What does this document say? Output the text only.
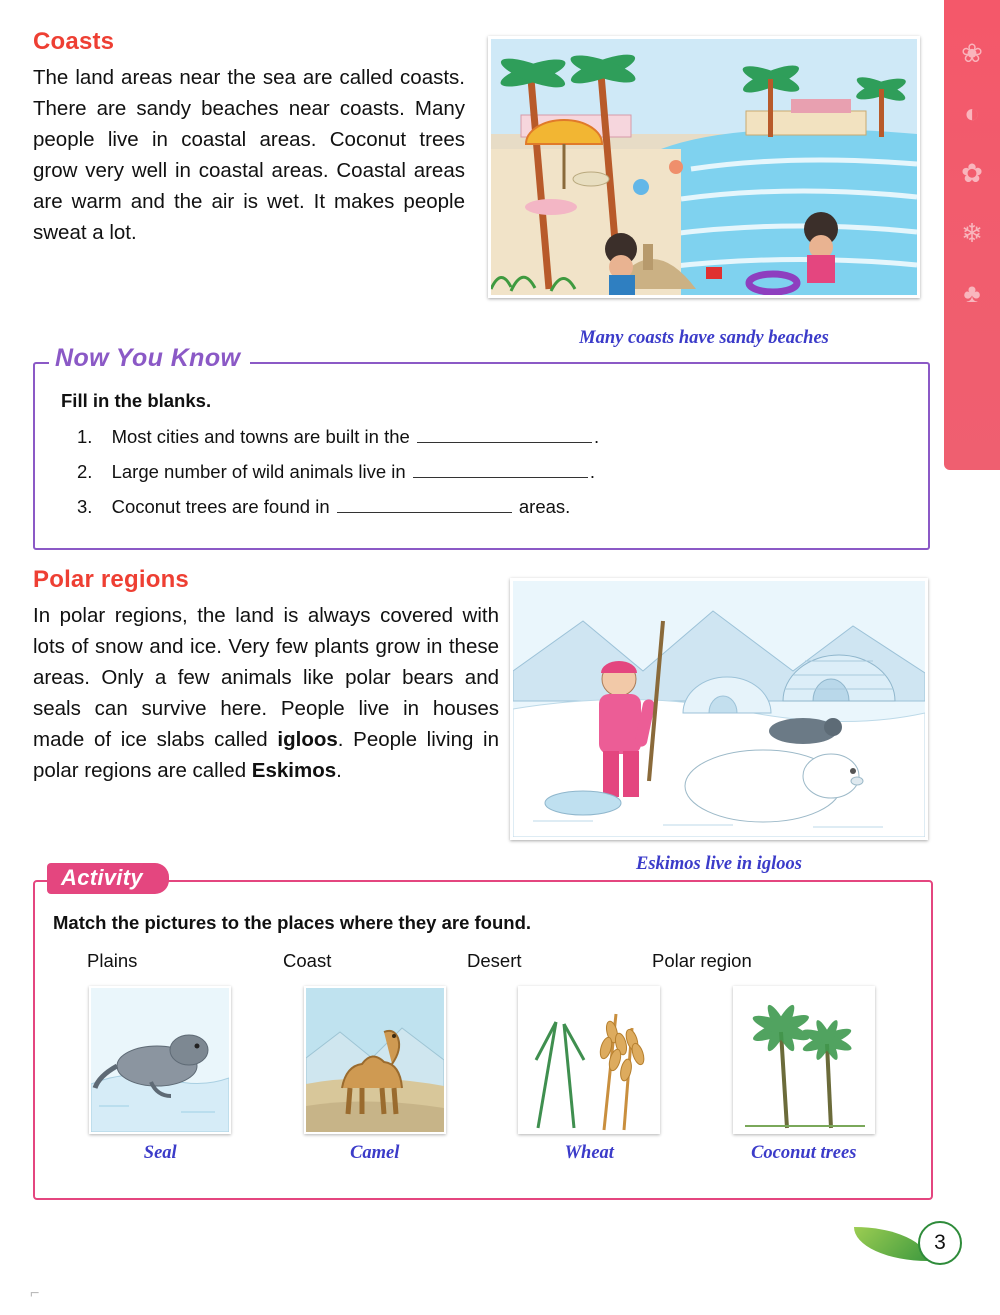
❀
◐
✿
❄
♣
Coasts
The land areas near the sea are called coasts. There are sandy beaches near coasts. Many people live in coastal areas. Coconut trees grow very well in coastal areas. Coastal areas are warm and the air is wet. It makes people sweat a lot.
Many coasts have sandy beaches
Now You Know
Fill in the blanks.
1. Most cities and towns are built in the	.
2. Large number of wild animals live in	.
3. Coconut trees are found in	areas.
Polar regions
In polar regions, the land is always covered with lots of snow and ice. Very few plants grow in these areas. Only a few animals like polar bears and seals can survive here. People live in houses made of ice slabs called igloos. People living in polar regions are called Eskimos.
Eskimos live in igloos
Activity
Match the pictures to the places where they are found.
Plains	Coast	Desert	Polar region
Seal	Camel	Wheat	Coconut trees
3
⌐
